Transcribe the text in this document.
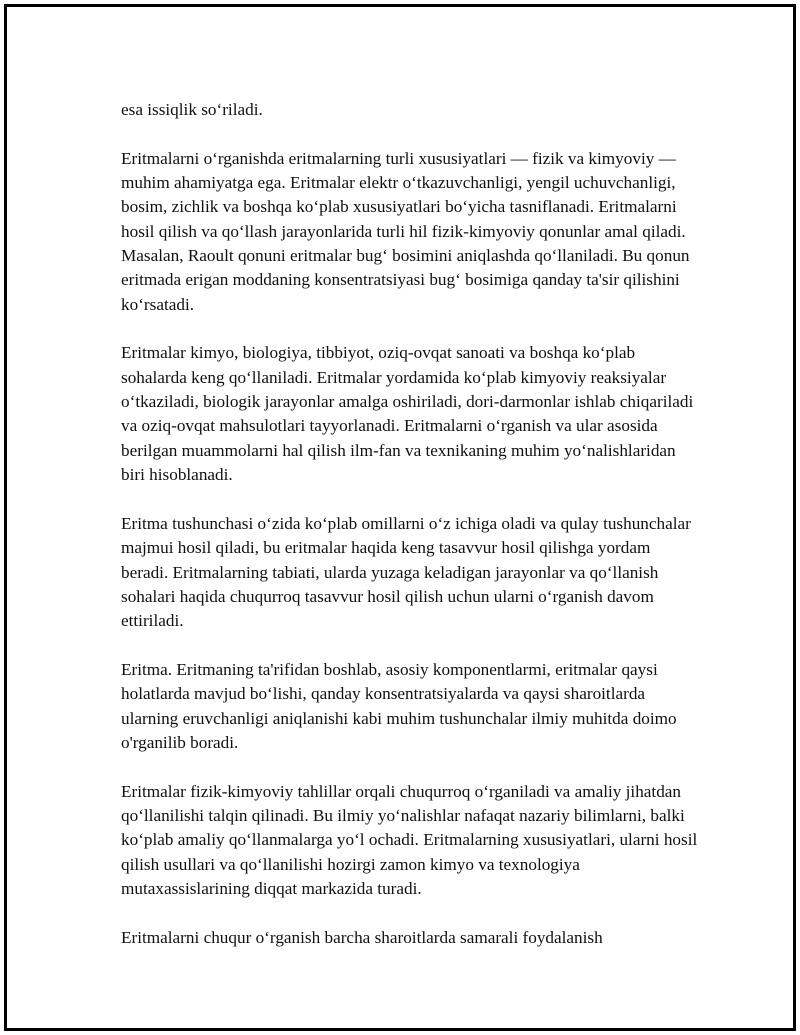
esa issiqlik so‘riladi.

Eritmalarni o‘rganishda eritmalarning turli xususiyatlari — fizik va kimyoviy — muhim ahamiyatga ega. Eritmalar elektr o‘tkazuvchanligi, yengil uchuvchanligi, bosim, zichlik va boshqa ko‘plab xususiyatlari bo‘yicha tasniflanadi. Eritmalarni hosil qilish va qo‘llash jarayonlarida turli hil fizik-kimyoviy qonunlar amal qiladi. Masalan, Raoult qonuni eritmalar bug‘ bosimini aniqlashda qo‘llaniladi. Bu qonun eritmada erigan moddaning konsentratsiyasi bug‘ bosimiga qanday ta'sir qilishini ko‘rsatadi.

Eritmalar kimyo, biologiya, tibbiyot, oziq-ovqat sanoati va boshqa ko‘plab sohalarda keng qo‘llaniladi. Eritmalar yordamida ko‘plab kimyoviy reaksiyalar o‘tkaziladi, biologik jarayonlar amalga oshiriladi, dori-darmonlar ishlab chiqariladi va oziq-ovqat mahsulotlari tayyorlanadi. Eritmalarni o‘rganish va ular asosida berilgan muammolarni hal qilish ilm-fan va texnikaning muhim yo‘nalishlaridan biri hisoblanadi.

Eritma tushunchasi o‘zida ko‘plab omillarni o‘z ichiga oladi va qulay tushunchalar majmui hosil qiladi, bu eritmalar haqida keng tasavvur hosil qilishga yordam beradi. Eritmalarning tabiati, ularda yuzaga keladigan jarayonlar va qo‘llanish sohalari haqida chuqurroq tasavvur hosil qilish uchun ularni o‘rganish davom ettiriladi.

Eritma. Eritmaning ta'rifidan boshlab, asosiy komponentlarmi, eritmalar qaysi holatlarda mavjud bo‘lishi, qanday konsentratsiyalarda va qaysi sharoitlarda ularning eruvchanligi aniqlanishi kabi muhim tushunchalar ilmiy muhitda doimo o'rganilib boradi.

Eritmalar fizik-kimyoviy tahlillar orqali chuqurroq o‘rganiladi va amaliy jihatdan qo‘llanilishi talqin qilinadi. Bu ilmiy yo‘nalishlar nafaqat nazariy bilimlarni, balki ko‘plab amaliy qo‘llanmalarga yo‘l ochadi. Eritmalarning xususiyatlari, ularni hosil qilish usullari va qo‘llanilishi hozirgi zamon kimyo va texnologiya mutaxassislarining diqqat markazida turadi.

Eritmalarni chuqur o‘rganish barcha sharoitlarda samarali foydalanish
